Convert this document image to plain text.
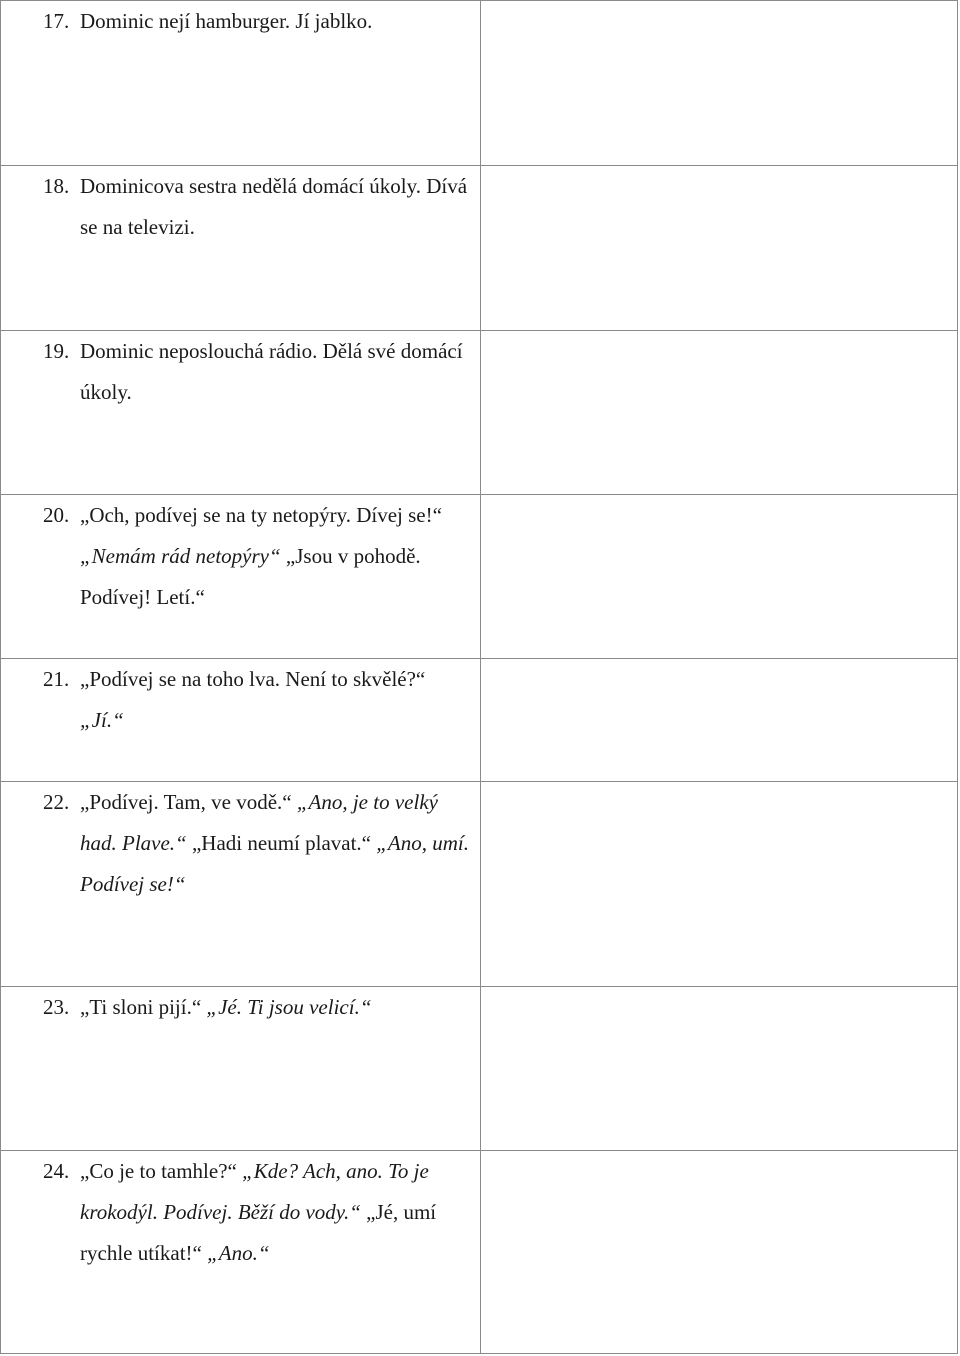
17. Dominic nejí hamburger. Jí jablko.	

18. Dominicova sestra nedělá domácí úkoly. Dívá se na televizi.	

19. Dominic neposlouchá rádio. Dělá své domácí úkoly.	

20. „Och, podívej se na ty netopýry. Dívej se!“ „Nemám rád netopýry“ „Jsou v pohodě. Podívej! Letí.“	

21. „Podívej se na toho lva. Není to skvělé?“ „Jí.“	

22. „Podívej. Tam, ve vodě.“ „Ano, je to velký had. Plave.“ „Hadi neumí plavat.“ „Ano, umí. Podívej se!“	

23. „Ti sloni pijí.“ „Jé. Ti jsou velicí.“	

24. „Co je to tamhle?“ „Kde? Ach, ano. To je krokodýl. Podívej. Běží do vody.“ „Jé, umí rychle utíkat!“ „Ano.“	
